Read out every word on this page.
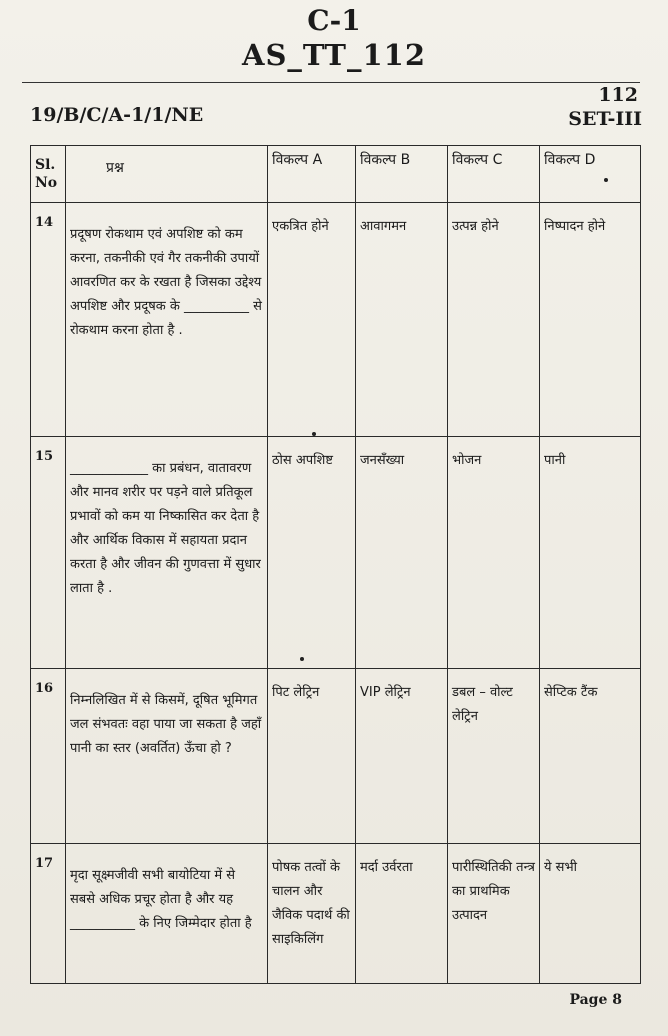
C-1
AS_TT_112
19/B/C/A-1/1/NE
112
SET-III
Sl. No	प्रश्न	विकल्प A	विकल्प B	विकल्प C	विकल्प D

14	प्रदूषण रोकथाम एवं अपशिष्ट को कम करना, तकनीकी एवं गैर तकनीकी उपायों आवरणित कर के रखता है जिसका उद्देश्य अपशिष्ट और प्रदूषक के __________ से रोकथाम करना होता है .	एकत्रित होने	आवागमन	उत्पन्न होने	निष्पादन होने

15	____________ का प्रबंधन, वातावरण और मानव शरीर पर पड़ने वाले प्रतिकूल प्रभावों को कम या निष्कासित कर देता है और आर्थिक विकास में सहायता प्रदान करता है और जीवन की गुणवत्ता में सुधार लाता है .	ठोस अपशिष्ट	जनसँख्या	भोजन	पानी

16	निम्नलिखित में से किसमें, दूषित भूमिगत जल संभवतः वहा पाया जा सकता है जहाँ पानी का स्तर (अवर्तित) ऊँचा हो ?	पिट लेट्रिन	VIP लेट्रिन	डबल – वोल्ट लेट्रिन	सेप्टिक टैंक

17	मृदा सूक्ष्मजीवी सभी बायोटिया में से सबसे अधिक प्रचूर होता है और यह __________ के निए जिम्मेदार होता है	पोषक तत्वों के चालन और जैविक पदार्थ की साइकिलिंग	मर्दा उर्वरता	पारीस्थितिकी तन्त्र का प्राथमिक उत्पादन	ये सभी
Page 8
